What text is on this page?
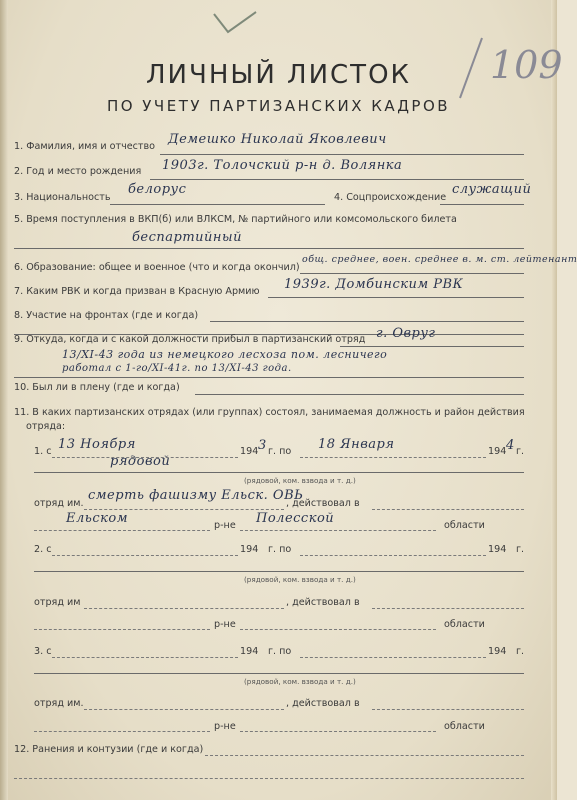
109
ЛИЧНЫЙ ЛИСТОК
ПО УЧЕТУ ПАРТИЗАНСКИХ КАДРОВ
1. Фамилия, имя и отчество Демешко Николай Яковлевич
2. Год и место рождения 1903г. Толочский р-н д. Волянка
3. Национальность
белорус
4. Соцпроисхождение
служащий
5. Время поступления в ВКП(б) или ВЛКСМ, № партийного или комсомольского билета
беспартийный
6. Образование: общее и военное (что и когда окончил)
общ. среднее, воен. среднее в. м. ст. лейтенант
7. Каким РВК и когда призван в Красную Армию 1939г. Домбинским РВК
8. Участие на фронтах (где и когда)
9. Откуда, когда и с какой должности прибыл в партизанский отряд г. Овруг
13/XI-43 года из немецкого лесхоза пом. лесничего
работал с 1-го/XI-41г. по 13/XI-43 года.
10. Был ли в плену (где и когда)
11. В каких партизанских отрядах (или группах) состоял, занимаемая должность и район действия
отряда:
1. с 13 Ноября	194 3 г. по 18 Января	194 4 г.
рядовой
(рядовой, ком. взвода и т. д.)
отряд им.
смерть фашизму Ельск. ОВЬ
, действовал в
Ельском	р-не Полесской	области
2. с	194 г. по	194 г.
(рядовой, ком. взвода и т. д.)
отряд им	, действовал в
р-не	области
3. с	194 г. по	194 г.
(рядовой, ком. взвода и т. д.)
отряд им.	, действовал в
р-не	области
12. Ранения и контузии (где и когда)
